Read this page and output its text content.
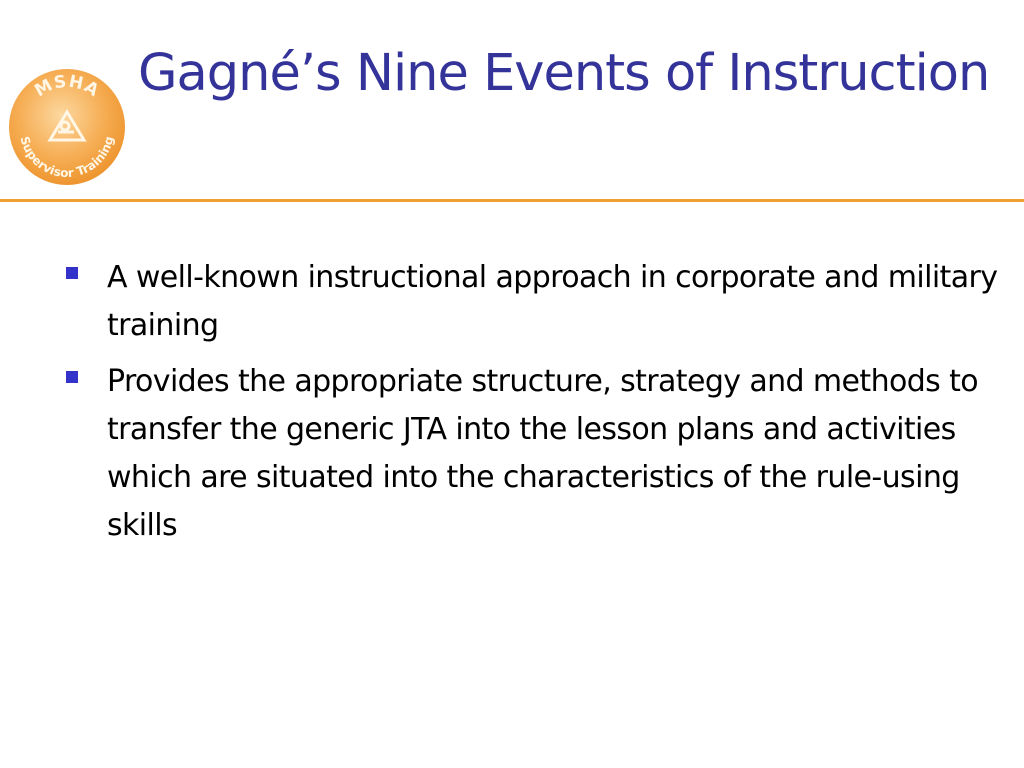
MSHA
Supervisor Training
Gagné’s Nine Events of Instruction
A well-known instructional approach in corporate and military training
Provides the appropriate structure, strategy and methods to transfer the generic JTA into the lesson plans and activities which are situated into the characteristics of the rule-using skills
